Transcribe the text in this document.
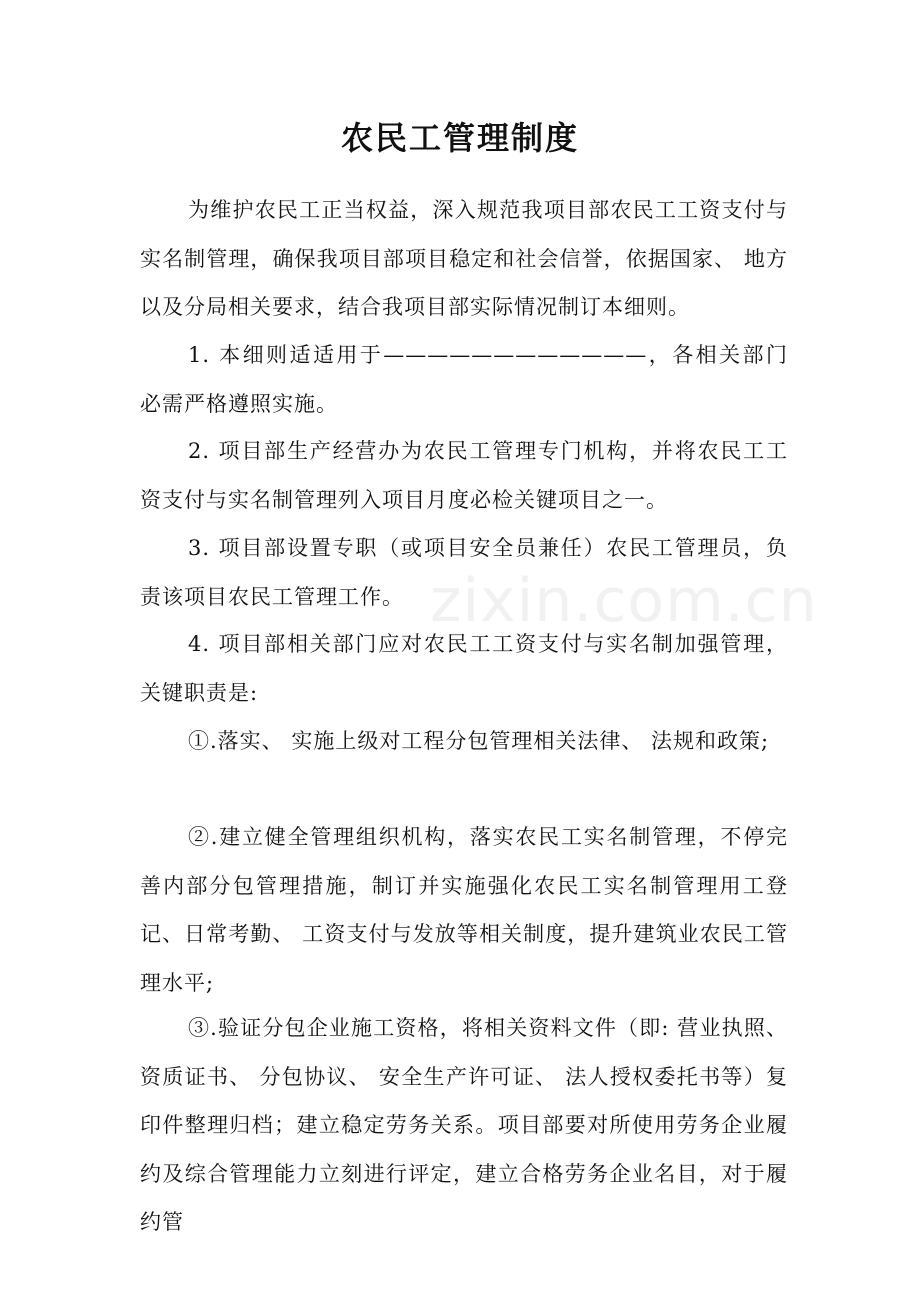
农民工管理制度

为维护农民工正当权益，深入规范我项目部农民工工资支付与实名制管理，确保我项目部项目稳定和社会信誉，依据国家、 地方以及分局相关要求，结合我项目部实际情况制订本细则。

1. 本细则适适用于————————————，各相关部门必需严格遵照实施。

2. 项目部生产经营办为农民工管理专门机构，并将农民工工资支付与实名制管理列入项目月度必检关键项目之一。

3. 项目部设置专职（或项目安全员兼任）农民工管理员，负责该项目农民工管理工作。

4. 项目部相关部门应对农民工工资支付与实名制加强管理，关键职责是:

①.落实、 实施上级对工程分包管理相关法律、 法规和政策;

②.建立健全管理组织机构，落实农民工实名制管理，不停完善内部分包管理措施，制订并实施强化农民工实名制管理用工登记、日常考勤、 工资支付与发放等相关制度，提升建筑业农民工管理水平;

③.验证分包企业施工资格，将相关资料文件（即: 营业执照、 资质证书、 分包协议、 安全生产许可证、 法人授权委托书等）复印件整理归档；建立稳定劳务关系。项目部要对所使用劳务企业履约及综合管理能力立刻进行评定，建立合格劳务企业名目，对于履约管

zixin.com.cn
